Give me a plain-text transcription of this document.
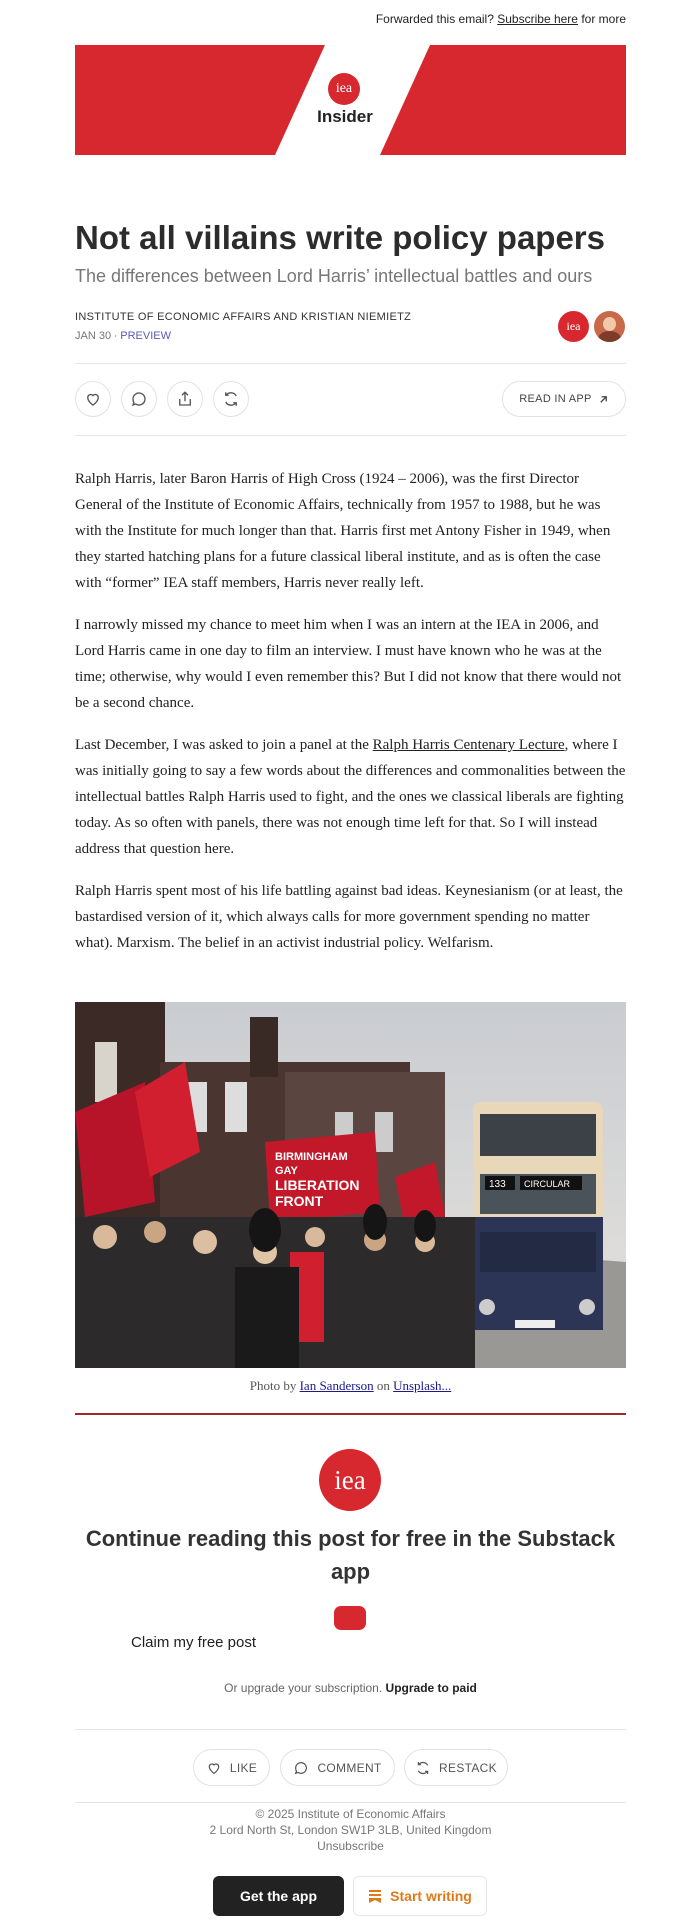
Forwarded this email? Subscribe here for more
iea
Insider
Not all villains write policy papers
The differences between Lord Harris’ intellectual battles and ours
INSTITUTE OF ECONOMIC AFFAIRS AND KRISTIAN NIEMIETZ
JAN 30 ∙ PREVIEW
iea
READ IN APP

Ralph Harris, later Baron Harris of High Cross (1924 – 2006), was the first Director General of the Institute of Economic Affairs, technically from 1957 to 1988, but he was with the Institute for much longer than that. Harris first met Antony Fisher in 1949, when they started hatching plans for a future classical liberal institute, and as is often the case with “former” IEA staff members, Harris never really left.

I narrowly missed my chance to meet him when I was an intern at the IEA in 2006, and Lord Harris came in one day to film an interview. I must have known who he was at the time; otherwise, why would I even remember this? But I did not know that there would not be a second chance.

Last December, I was asked to join a panel at the Ralph Harris Centenary Lecture, where I was initially going to say a few words about the differences and commonalities between the intellectual battles Ralph Harris used to fight, and the ones we classical liberals are fighting today. As so often with panels, there was not enough time left for that. So I will instead address that question here.

Ralph Harris spent most of his life battling against bad ideas. Keynesianism (or at least, the bastardised version of it, which always calls for more government spending no matter what). Marxism. The belief in an activist industrial policy. Welfarism.

133 CIRCULAR
BIRMINGHAM
GAY
LIBERATION
FRONT
Photo by Ian Sanderson on Unsplash...
iea
Continue reading this post for free in the Substack app
Claim my free post
Or upgrade your subscription. Upgrade to paid
LIKE	COMMENT	RESTACK
© 2025 Institute of Economic Affairs
2 Lord North St, London SW1P 3LB, United Kingdom
Unsubscribe
Get the app	Start writing
